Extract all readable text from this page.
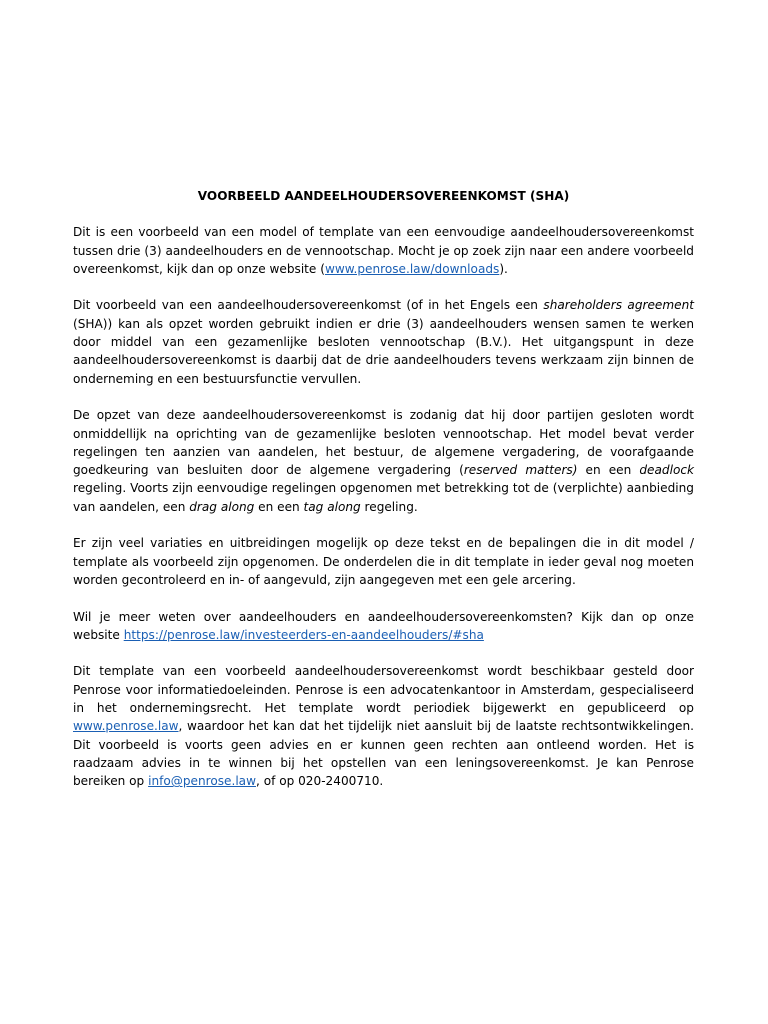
VOORBEELD AANDEELHOUDERSOVEREENKOMST (SHA)

Dit is een voorbeeld van een model of template van een eenvoudige aandeelhoudersovereenkomst tussen drie (3) aandeelhouders en de vennootschap. Mocht je op zoek zijn naar een andere voorbeeld overeenkomst, kijk dan op onze website (www.penrose.law/downloads).

Dit voorbeeld van een aandeelhoudersovereenkomst (of in het Engels een shareholders agreement (SHA)) kan als opzet worden gebruikt indien er drie (3) aandeelhouders wensen samen te werken door middel van een gezamenlijke besloten vennootschap (B.V.). Het uitgangspunt in deze aandeelhoudersovereenkomst is daarbij dat de drie aandeelhouders tevens werkzaam zijn binnen de onderneming en een bestuursfunctie vervullen.

De opzet van deze aandeelhoudersovereenkomst is zodanig dat hij door partijen gesloten wordt onmiddellijk na oprichting van de gezamenlijke besloten vennootschap. Het model bevat verder regelingen ten aanzien van aandelen, het bestuur, de algemene vergadering, de voorafgaande goedkeuring van besluiten door de algemene vergadering (reserved matters) en een deadlock regeling. Voorts zijn eenvoudige regelingen opgenomen met betrekking tot de (verplichte) aanbieding van aandelen, een drag along en een tag along regeling.

Er zijn veel variaties en uitbreidingen mogelijk op deze tekst en de bepalingen die in dit model / template als voorbeeld zijn opgenomen. De onderdelen die in dit template in ieder geval nog moeten worden gecontroleerd en in- of aangevuld, zijn aangegeven met een gele arcering.

Wil je meer weten over aandeelhouders en aandeelhoudersovereenkomsten? Kijk dan op onze website https://penrose.law/investeerders-en-aandeelhouders/#sha

Dit template van een voorbeeld aandeelhoudersovereenkomst wordt beschikbaar gesteld door Penrose voor informatiedoeleinden. Penrose is een advocatenkantoor in Amsterdam, gespecialiseerd in het ondernemingsrecht. Het template wordt periodiek bijgewerkt en gepubliceerd op www.penrose.law, waardoor het kan dat het tijdelijk niet aansluit bij de laatste rechtsontwikkelingen. Dit voorbeeld is voorts geen advies en er kunnen geen rechten aan ontleend worden. Het is raadzaam advies in te winnen bij het opstellen van een leningsovereenkomst. Je kan Penrose bereiken op info@penrose.law, of op 020-2400710.
